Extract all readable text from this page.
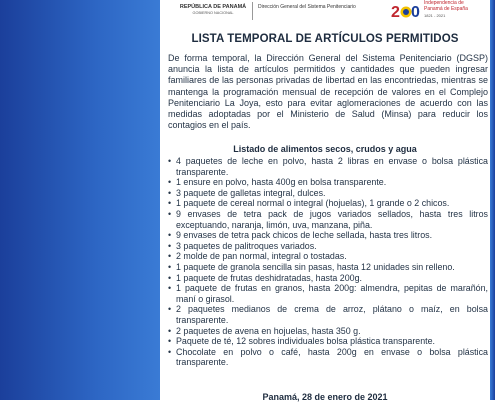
REPÚBLICA DE PANAMÁ
GOBIERNO NACIONAL
Dirección General del Sistema Penitenciario 2 0
Independencia de
Panamá de España
1821 - 2021
LISTA TEMPORAL DE ARTÍCULOS PERMITIDOS
De forma temporal, la Dirección General del Sistema Penitenciario (DGSP) anuncia la lista de artículos permitidos y cantidades que pueden ingresar familiares de las personas privadas de libertad en las encontriedas, mientras se mantenga la programación mensual de recepción de valores en el Complejo Penitenciario La Joya, esto para evitar aglomeraciones de acuerdo con las medidas adoptadas por el Ministerio de Salud (Minsa) para reducir los contagios en el país.
Listado de alimentos secos, crudos y agua
• 4 paquetes de leche en polvo, hasta 2 libras en envase o bolsa plástica transparente.
• 1 ensure en polvo, hasta 400g en bolsa transparente.
• 3 paquete de galletas integral, dulces.
• 1 paquete de cereal normal o integral (hojuelas), 1 grande o 2 chicos.
• 9 envases de tetra pack de jugos variados sellados, hasta tres litros exceptuando, naranja, limón, uva, manzana, piña.
• 9 envases de tetra pack chicos de leche sellada, hasta tres litros.
• 3 paquetes de palitroques variados.
• 2 molde de pan normal, integral o tostadas.
• 1 paquete de granola sencilla sin pasas, hasta 12 unidades sin relleno.
• 1 paquete de frutas deshidratadas, hasta 200g.
• 1 paquete de frutas en granos, hasta 200g: almendra, pepitas de marañón, maní o girasol.
• 2 paquetes medianos de crema de arroz, plátano o maíz, en bolsa transparente.
• 2 paquetes de avena en hojuelas, hasta 350 g.
• Paquete de té, 12 sobres individuales bolsa plástica transparente.
• Chocolate en polvo o café, hasta 200g en envase o bolsa plástica transparente.
Panamá, 28 de enero de 2021
